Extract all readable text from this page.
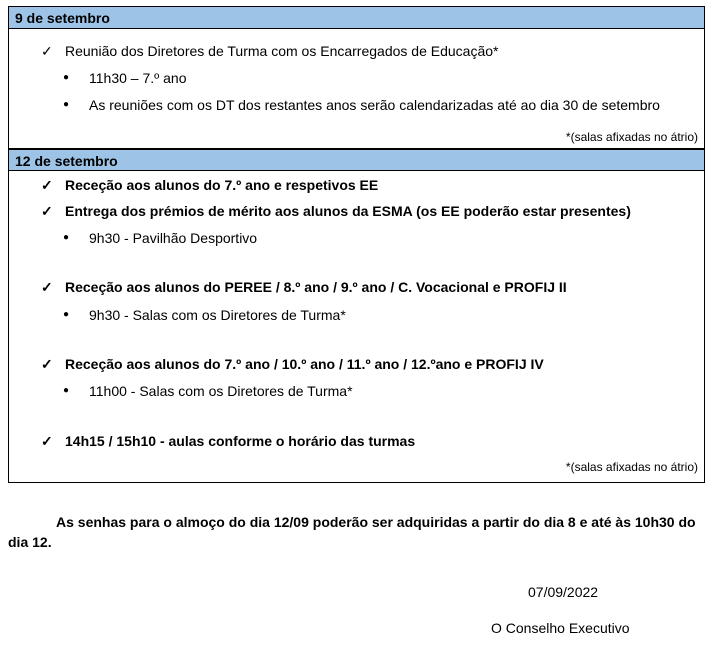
9 de setembro
✓ Reunião dos Diretores de Turma com os Encarregados de Educação*
● 11h30 – 7.º ano
● As reuniões com os DT dos restantes anos serão calendarizadas até ao dia 30 de setembro
*(salas afixadas no átrio)
12 de setembro
✓ Receção aos alunos do 7.º ano e respetivos EE
✓ Entrega dos prémios de mérito aos alunos da ESMA (os EE poderão estar presentes)
● 9h30 - Pavilhão Desportivo
✓ Receção aos alunos do PEREE / 8.º ano / 9.º ano / C. Vocacional e PROFIJ II
● 9h30 - Salas com os Diretores de Turma*
✓ Receção aos alunos do 7.º ano / 10.º ano / 11.º ano / 12.ºano e PROFIJ IV
● 11h00 - Salas com os Diretores de Turma*
✓ 14h15 / 15h10 - aulas conforme o horário das turmas
*(salas afixadas no átrio)
As senhas para o almoço do dia 12/09 poderão ser adquiridas a partir do dia 8 e até às 10h30 do dia 12.
07/09/2022
O Conselho Executivo
